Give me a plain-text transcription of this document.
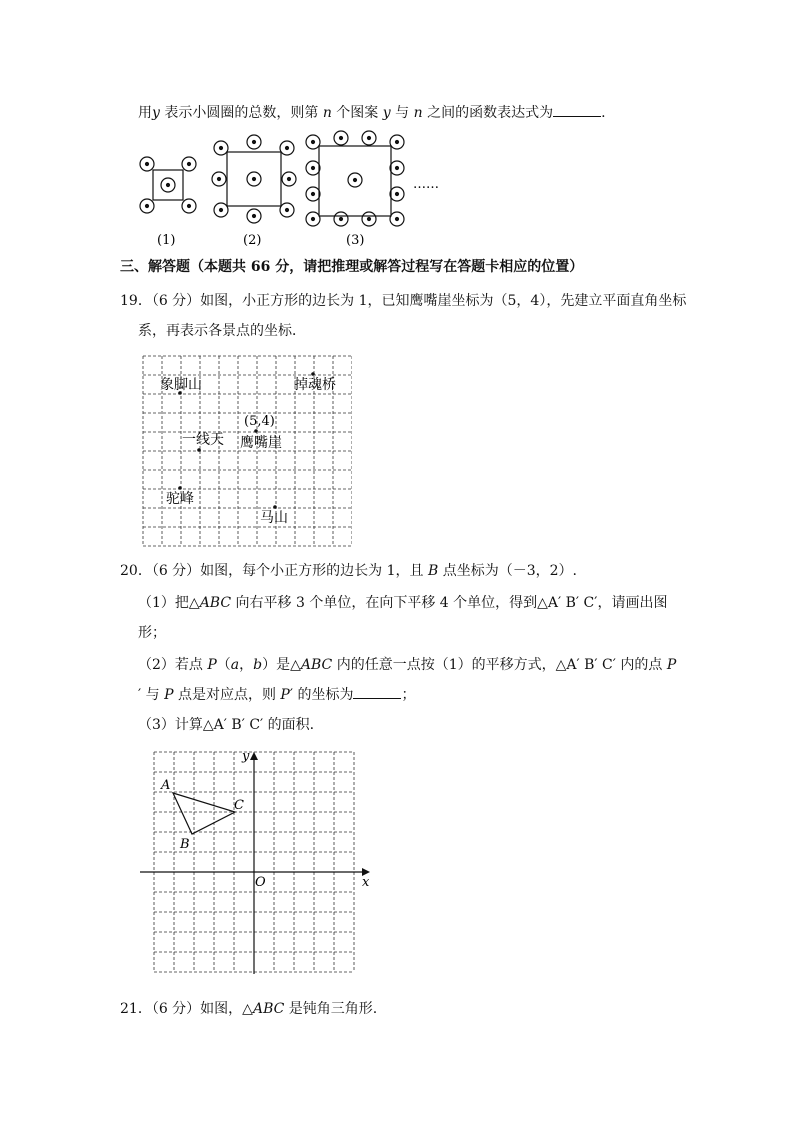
用y 表示小圆圈的总数，则第 n 个图案 y 与 n 之间的函数表达式为	.
(1)	(2)	(3)
……
三、解答题（本题共 66 分，请把推理或解答过程写在答题卡相应的位置）
19．（6 分）如图，小正方形的边长为 1，已知鹰嘴崖坐标为（5，4），先建立平面直角坐标
系，再表示各景点的坐标．
象脚山	掉魂桥
(5,4)
鹰嘴崖
一线天
驼峰
马山
20．（6 分）如图，每个小正方形的边长为 1，且 B 点坐标为（－3，2）.
（1）把△ABC 向右平移 3 个单位，在向下平移 4 个单位，得到△A′ B′ C′，请画出图
形；
（2）若点 P（a，b）是△ABC 内的任意一点按（1）的平移方式，△A′ B′ C′ 内的点 P
′ 与 P 点是对应点，则 P′ 的坐标为	；
（3）计算△A′ B′ C′ 的面积.
x
y
O
A
B
C
21．（6 分）如图，△ABC 是钝角三角形.
